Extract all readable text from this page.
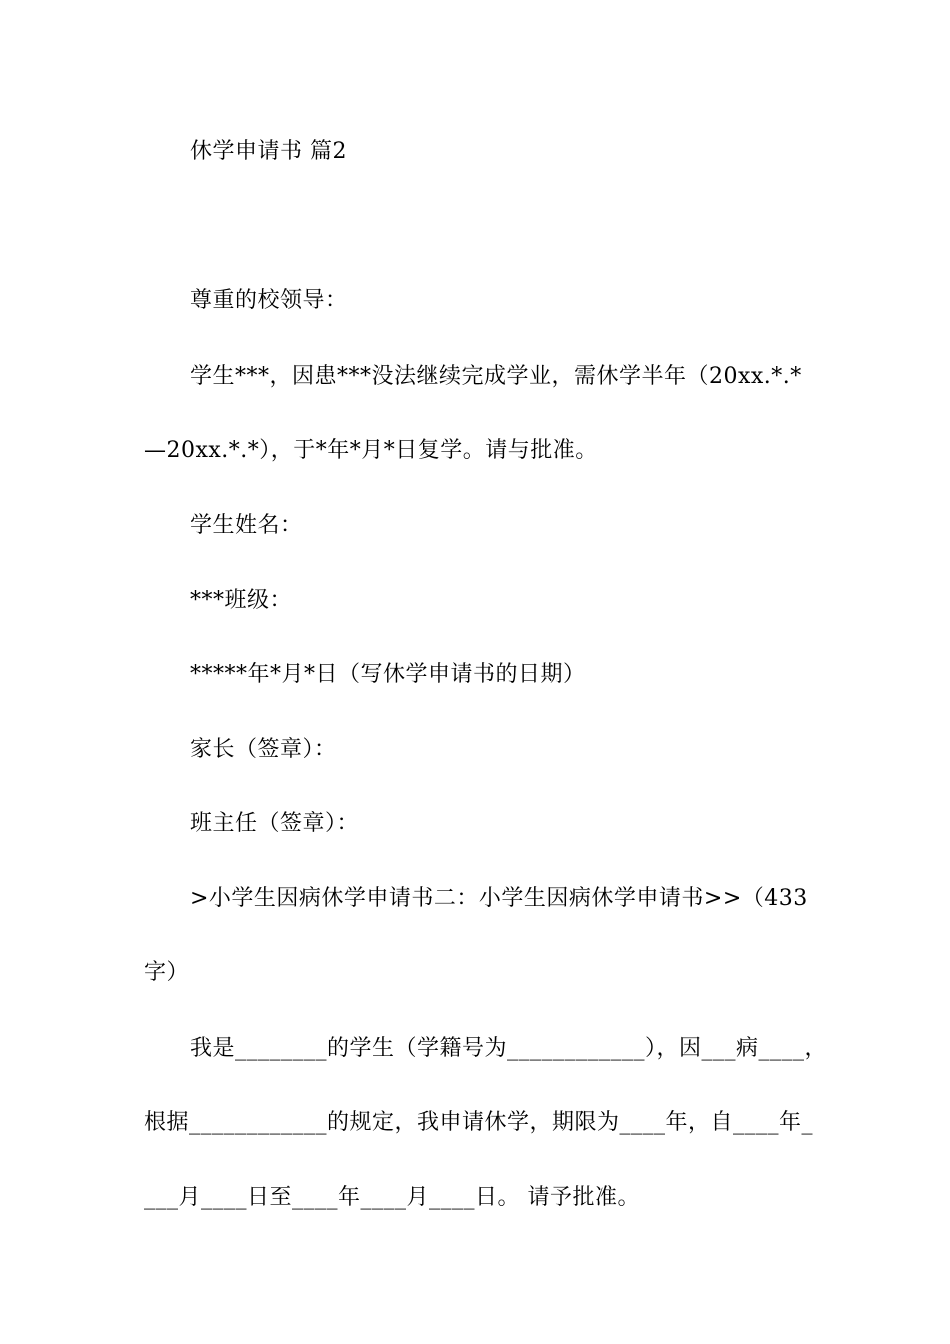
休学申请书 篇2
尊重的校领导：
学生***，因患***没法继续完成学业，需休学半年（20xx.*.*
—20xx.*.*），于*年*月*日复学。请与批准。
学生姓名：
***班级：
*****年*月*日（写休学申请书的日期）
家长（签章）：
班主任（签章）：
>小学生因病休学申请书二：小学生因病休学申请书>>（433
字）
我是________的学生（学籍号为____________），因___病____，
根据____________的规定，我申请休学，期限为____年，自____年_
___月____日至____年____月____日。 请予批准。
